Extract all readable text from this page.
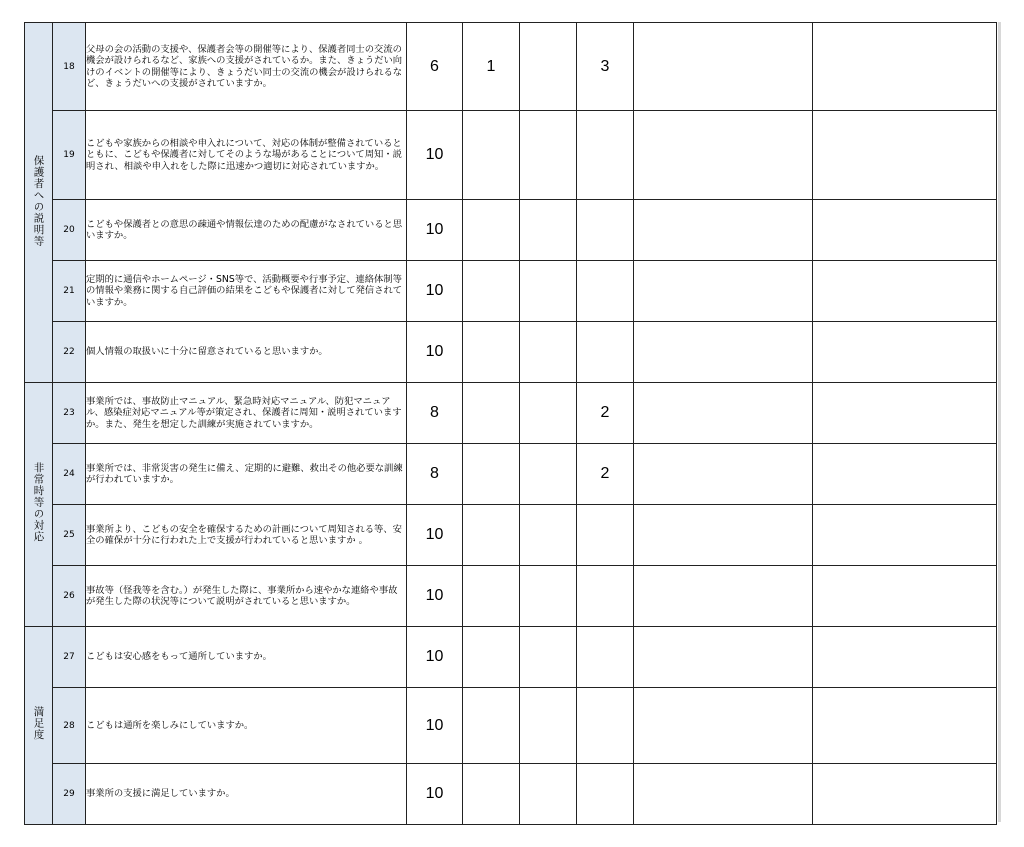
保護者への説明等	18	父母の会の活動の支援や、保護者会等の開催等により、保護者同士の交流の機会が設けられるなど、家族への支援がされているか。また、きょうだい向けのイベントの開催等により、きょうだい同士の交流の機会が設けられるなど、きょうだいへの支援がされていますか。	6	1		3		
	19	こどもや家族からの相談や申入れについて、対応の体制が整備されているとともに、こどもや保護者に対してそのような場があることについて周知・説明され、相談や申入れをした際に迅速かつ適切に対応されていますか。	10					
	20	こどもや保護者との意思の疎通や情報伝達のための配慮がなされていると思いますか。	10					
	21	定期的に通信やホームページ・SNS等で、活動概要や行事予定、連絡体制等の情報や業務に関する自己評価の結果をこどもや保護者に対して発信されていますか。	10					
	22	個人情報の取扱いに十分に留意されていると思いますか。	10					
非常時等の対応	23	事業所では、事故防止マニュアル、緊急時対応マニュアル、防犯マニュアル、感染症対応マニュアル等が策定され、保護者に周知・説明されていますか。また、発生を想定した訓練が実施されていますか。	8			2		
	24	事業所では、非常災害の発生に備え、定期的に避難、救出その他必要な訓練が行われていますか。	8			2		
	25	事業所より、こどもの安全を確保するための計画について周知される等、安全の確保が十分に行われた上で支援が行われていると思いますか 。	10					
	26	事故等（怪我等を含む。）が発生した際に、事業所から速やかな連絡や事故が発生した際の状況等について説明がされていると思いますか。	10					
満足度	27	こどもは安心感をもって通所していますか。	10					
	28	こどもは通所を楽しみにしていますか。	10					
	29	事業所の支援に満足していますか。	10					
